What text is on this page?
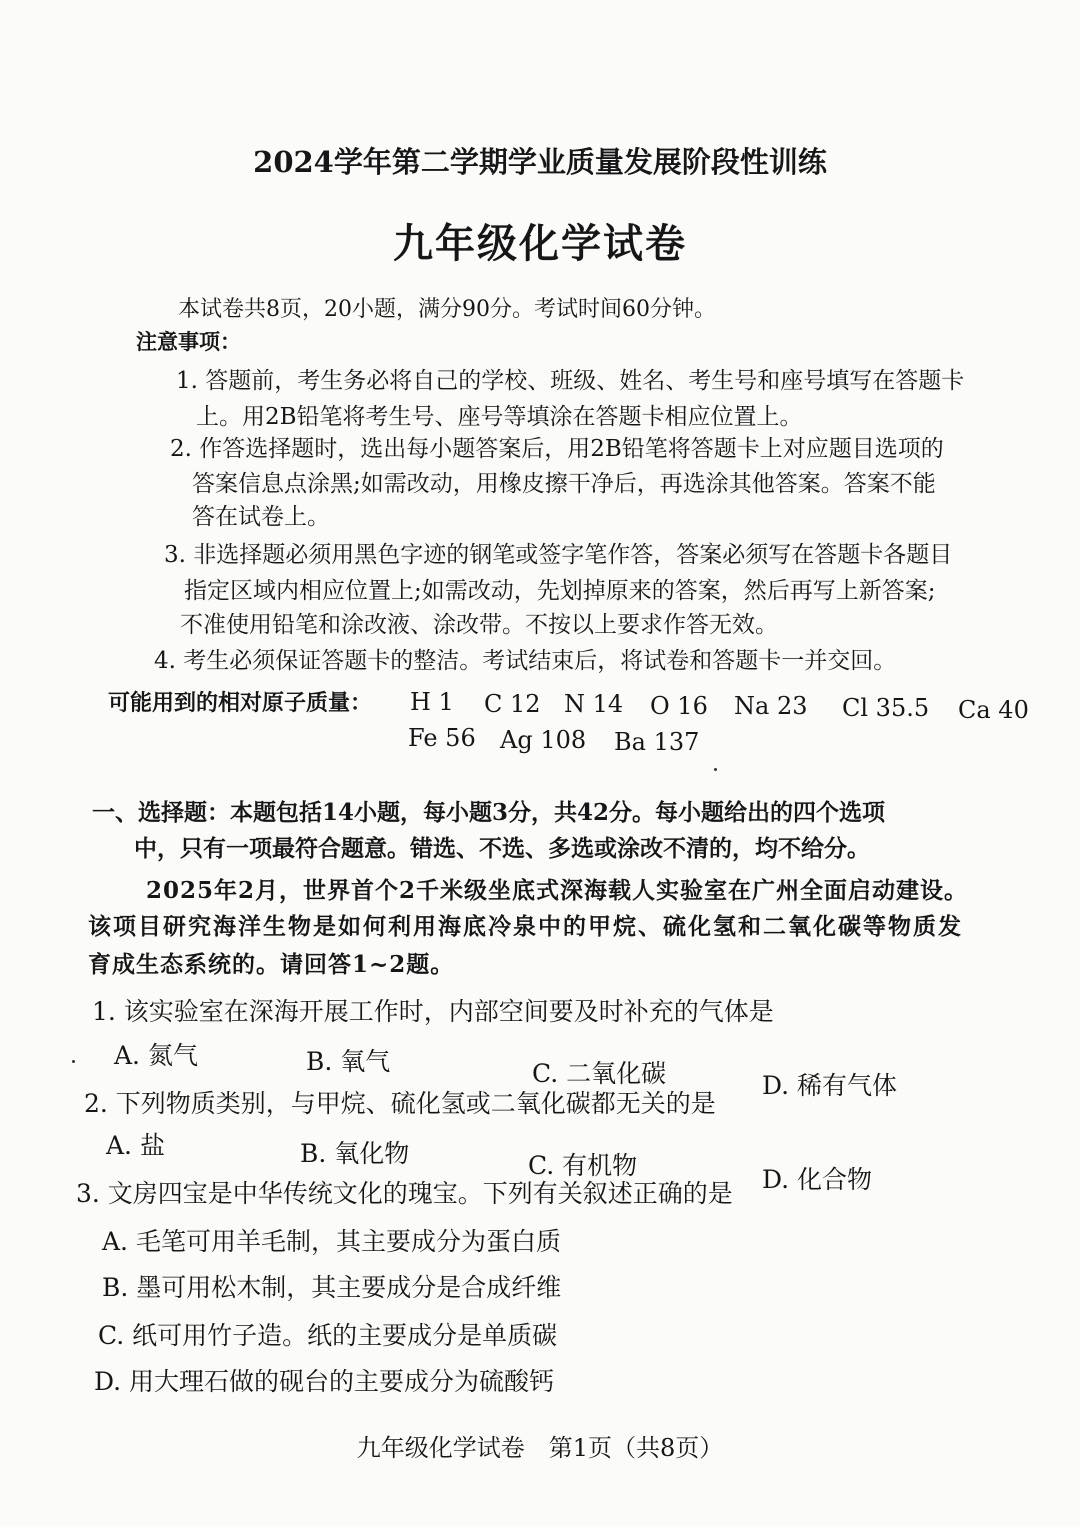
2024学年第二学期学业质量发展阶段性训练
九年级化学试卷
本试卷共8页，20小题，满分90分。考试时间60分钟。
注意事项：
1. 答题前，考生务必将自己的学校、班级、姓名、考生号和座号填写在答题卡
上。用2B铅笔将考生号、座号等填涂在答题卡相应位置上。
2. 作答选择题时，选出每小题答案后，用2B铅笔将答题卡上对应题目选项的
答案信息点涂黑;如需改动，用橡皮擦干净后，再选涂其他答案。答案不能
答在试卷上。
3. 非选择题必须用黑色字迹的钢笔或签字笔作答，答案必须写在答题卡各题目
指定区域内相应位置上;如需改动，先划掉原来的答案，然后再写上新答案;
不准使用铅笔和涂改液、涂改带。不按以上要求作答无效。
4. 考生必须保证答题卡的整洁。考试结束后，将试卷和答题卡一并交回。
可能用到的相对原子质量： H 1 C 12 N 14 O 16 Na 23 Cl 35.5 Ca 40
Fe 56 Ag 108 Ba 137
一、选择题：本题包括14小题，每小题3分，共42分。每小题给出的四个选项
中，只有一项最符合题意。错选、不选、多选或涂改不清的，均不给分。
2025年2月，世界首个2千米级坐底式深海载人实验室在广州全面启动建设。
该项目研究海洋生物是如何利用海底冷泉中的甲烷、硫化氢和二氧化碳等物质发
育成生态系统的。请回答1~2题。
1. 该实验室在深海开展工作时，内部空间要及时补充的气体是
A. 氮气	B. 氧气	C. 二氧化碳	D. 稀有气体
2. 下列物质类别，与甲烷、硫化氢或二氧化碳都无关的是
A. 盐	B. 氧化物	C. 有机物	D. 化合物
3. 文房四宝是中华传统文化的瑰宝。下列有关叙述正确的是
A. 毛笔可用羊毛制，其主要成分为蛋白质
B. 墨可用松木制，其主要成分是合成纤维
C. 纸可用竹子造。纸的主要成分是单质碳
D. 用大理石做的砚台的主要成分为硫酸钙
九年级化学试卷　第1页（共8页）
